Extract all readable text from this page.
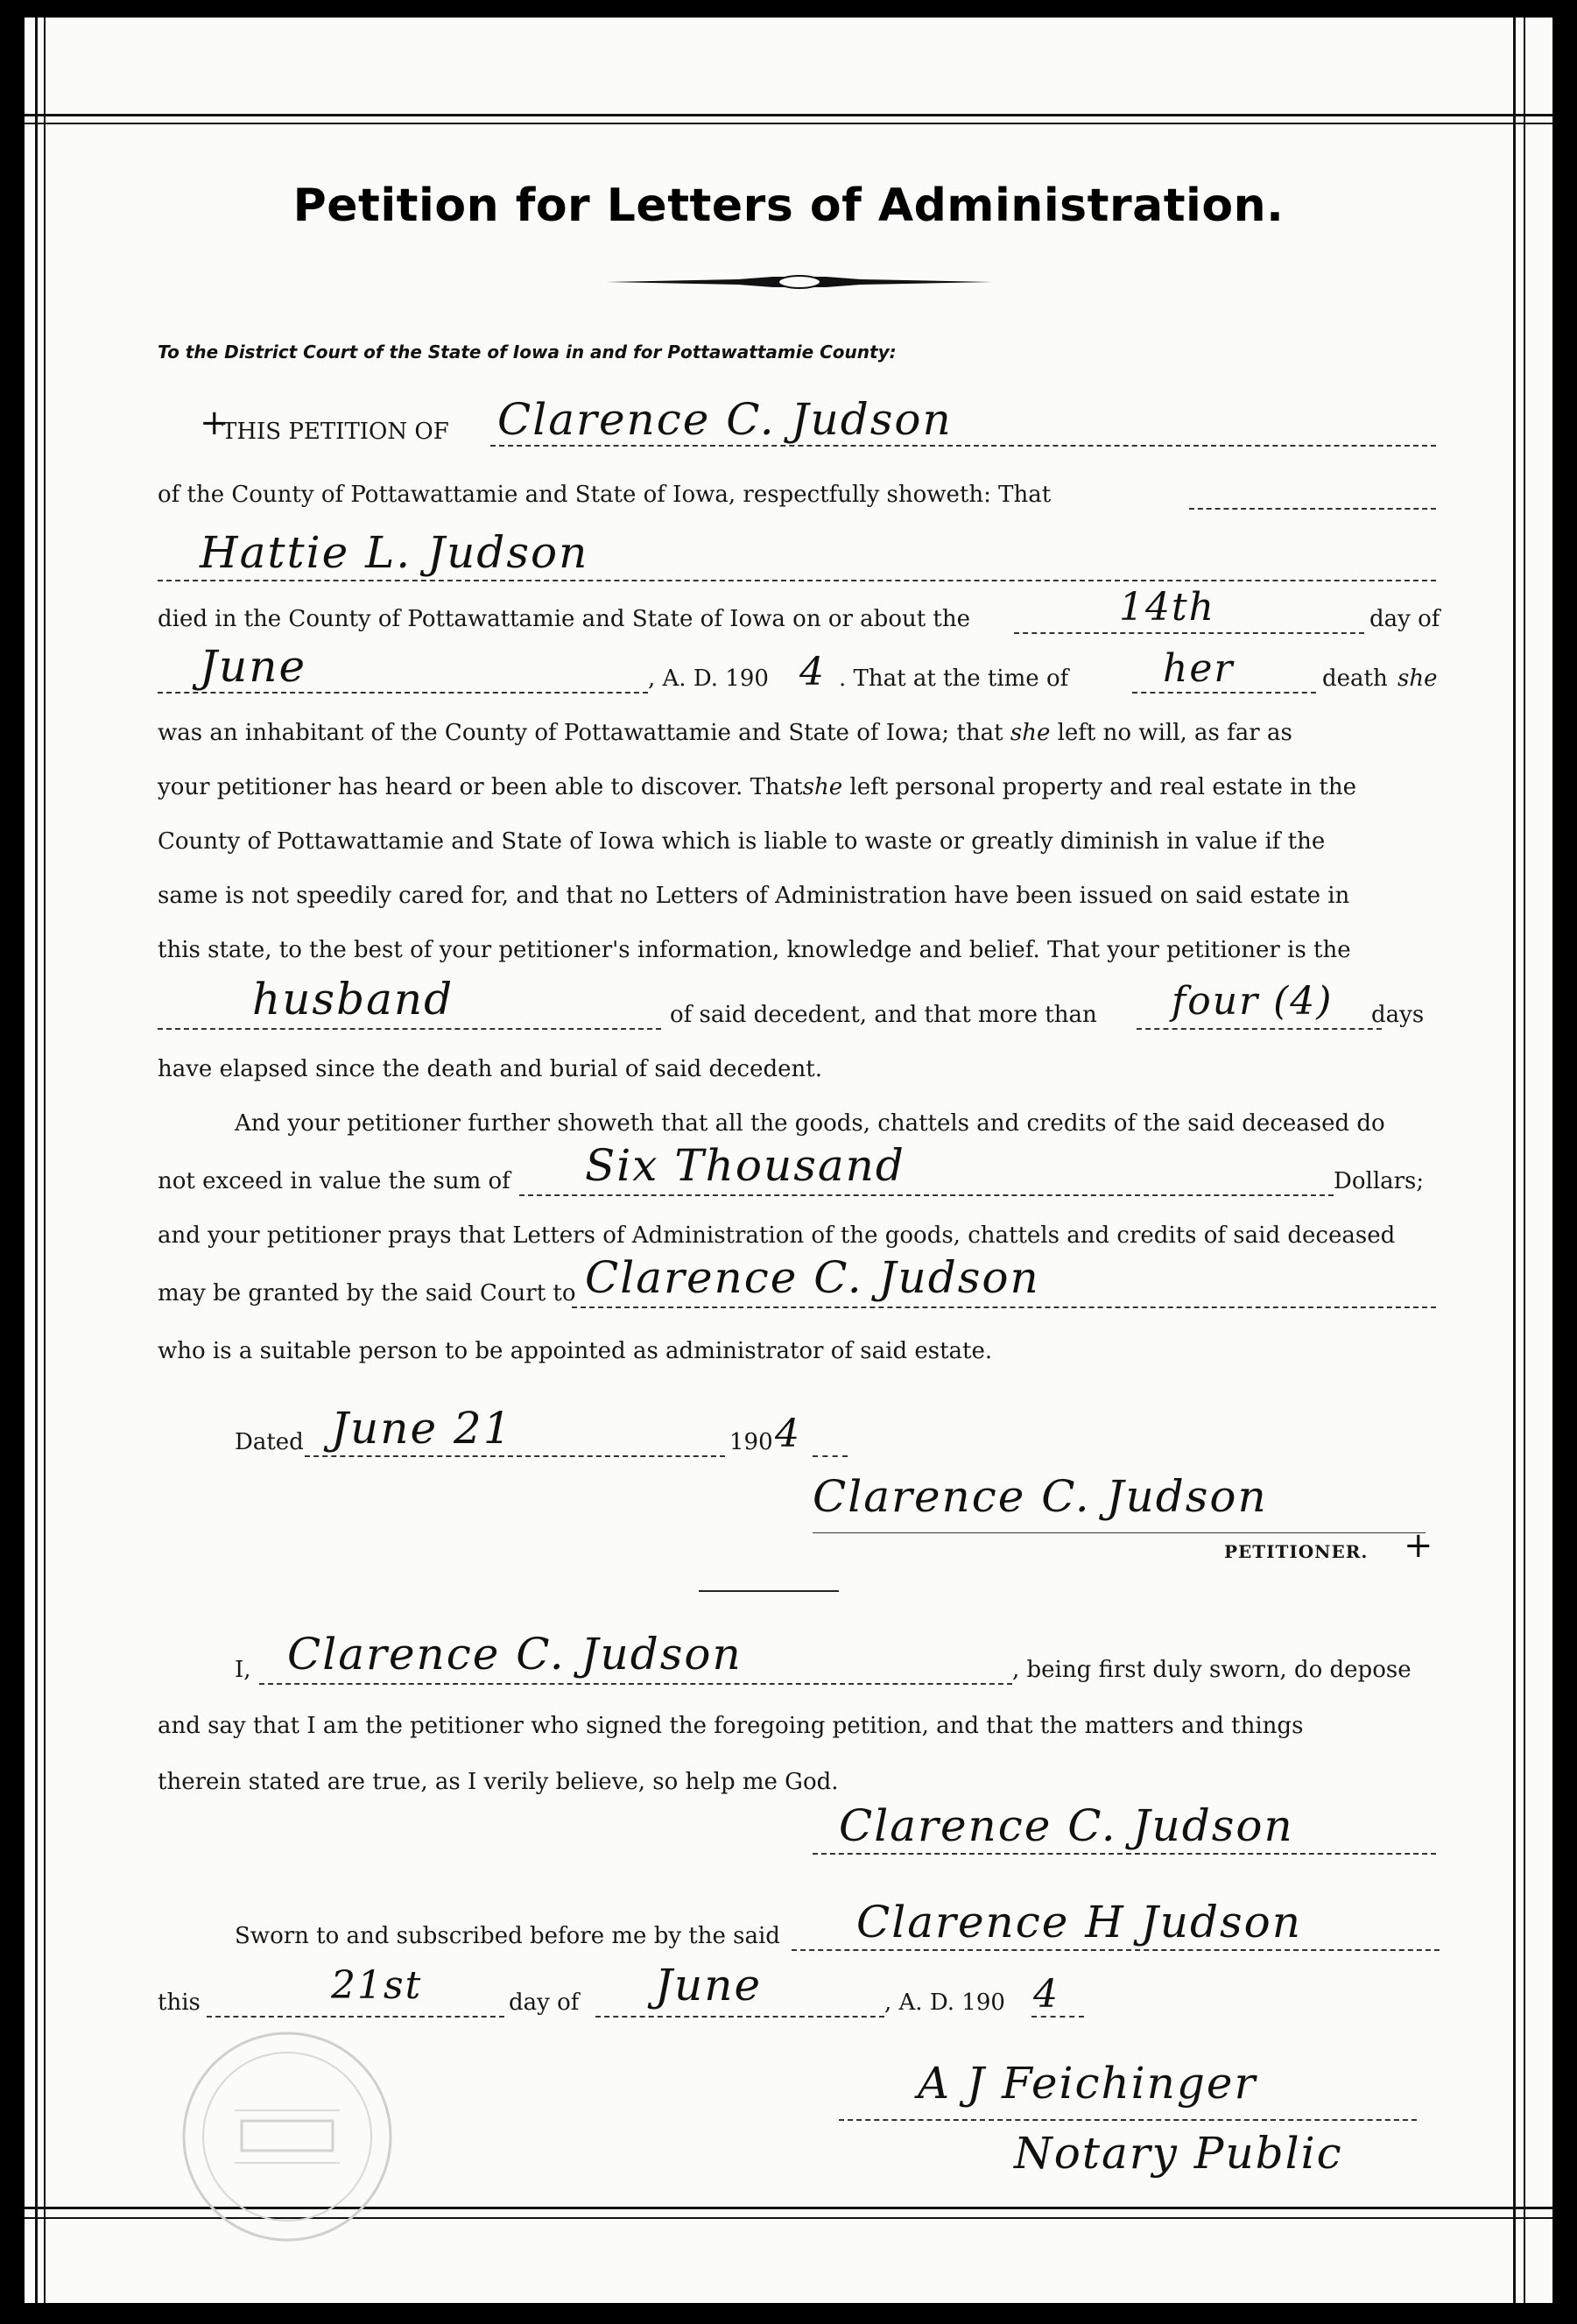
Petition for Letters of Administration.
To the District Court of the State of Iowa in and for Pottawattamie County:
+
THIS PETITION OF Clarence C. Judson
of the County of Pottawattamie and State of Iowa, respectfully showeth: That
Hattie L. Judson
died in the County of Pottawattamie and State of Iowa on or about the	14th	day of
June	, A. D. 190 4 . That at the time of her	death she
was an inhabitant of the County of Pottawattamie and State of Iowa; that she left no will, as far as
your petitioner has heard or been able to discover. Thatshe left personal property and real estate in the
County of Pottawattamie and State of Iowa which is liable to waste or greatly diminish in value if the
same is not speedily cared for, and that no Letters of Administration have been issued on said estate in
this state, to the best of your petitioner's information, knowledge and belief. That your petitioner is the
husband	of said decedent, and that more than four (4) days
have elapsed since the death and burial of said decedent.
And your petitioner further showeth that all the goods, chattels and credits of the said deceased do
not exceed in value the sum of Six Thousand	Dollars;
and your petitioner prays that Letters of Administration of the goods, chattels and credits of said deceased
may be granted by the said Court to Clarence C. Judson
who is a suitable person to be appointed as administrator of said estate.
Dated June 21	190 4
Clarence C. Judson
PETITIONER. +
I, Clarence C. Judson	, being first duly sworn, do depose
and say that I am the petitioner who signed the foregoing petition, and that the matters and things
therein stated are true, as I verily believe, so help me God.
Clarence C. Judson
Sworn to and subscribed before me by the said Clarence H Judson
this	21st	day of June	, A. D. 190 4
A J Feichinger
Notary Public
